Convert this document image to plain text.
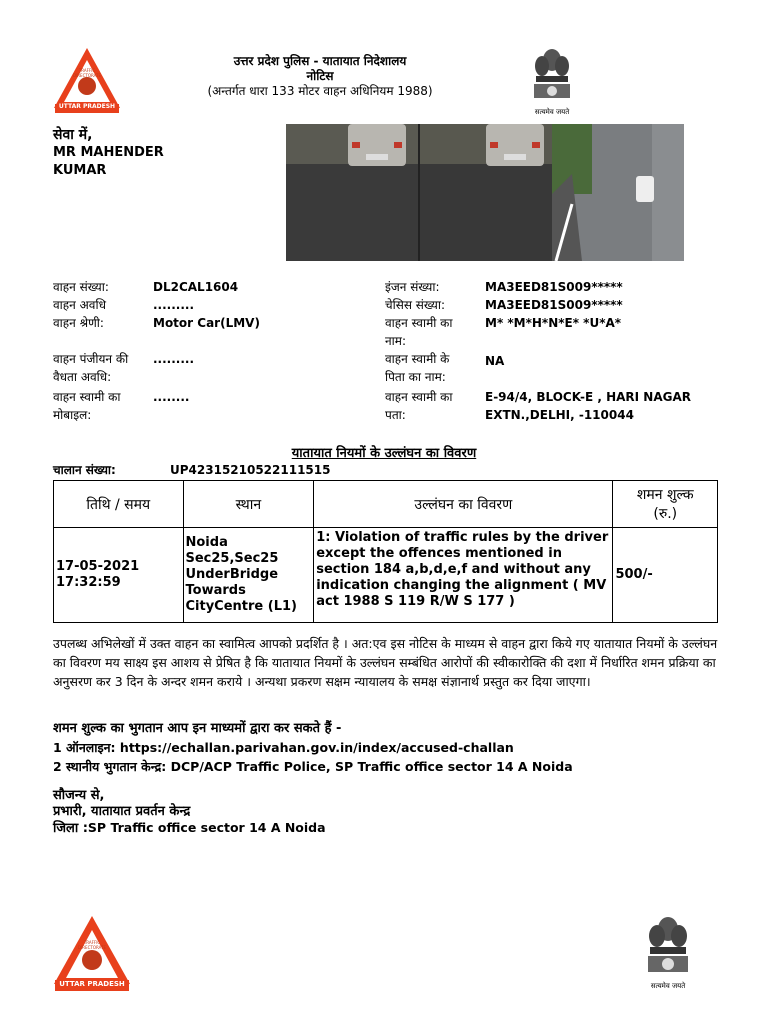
UTTAR PRADESH
TRAFFIC DIRECTORATE
उत्तर प्रदेश पुलिस - यातायात निदेशालय
नोटिस
(अन्तर्गत धारा 133 मोटर वाहन अधिनियम 1988)
सत्यमेव जयते
सेवा में,
MR MAHENDER
KUMAR
वाहन संख्या:	DL2CAL1604
वाहन अवधि	.........
वाहन श्रेणी:	Motor Car(LMV)
वाहन पंजीयन की
वैधता अवधि:
.........
वाहन स्वामी का
मोबाइल:
........
इंजन संख्या:	MA3EED81S009*****
चेसिस संख्या:	MA3EED81S009*****
वाहन स्वामी का
नाम:
M* *M*H*N*E* *U*A*
वाहन स्वामी के
पिता का नाम:
NA
वाहन स्वामी का
पता:
E-94/4, BLOCK-E , HARI NAGAR
EXTN.,DELHI, -110044
यातायात नियमों के उल्लंघन का विवरण
चालान संख्या:	UP42315210522111515
तिथि / समय	स्थान	उल्लंघन का विवरण	शमन शुल्क
(रु.)

17-05-2021
17:32:59	Noida Sec25,Sec25 UnderBridge Towards CityCentre (L1)	1: Violation of traffic rules by the driver except the offences mentioned in section 184 a,b,d,e,f and without any indication changing the alignment ( MV act 1988 S 119 R/W S 177 )	500/-
उपलब्ध अभिलेखों में उक्त वाहन का स्वामित्व आपको प्रदर्शित है । अत:एव इस नोटिस के माध्यम से वाहन द्वारा किये गए यातायात नियमों के उल्लंघन का विवरण मय साक्ष्य इस आशय से प्रेषित है कि यातायात नियमों के उल्लंघन सम्बंधित आरोपों की स्वीकारोक्ति की दशा में निर्धारित शमन प्रक्रिया का अनुसरण कर 3 दिन के अन्दर शमन कराये । अन्यथा प्रकरण सक्षम न्यायालय के समक्ष संज्ञानार्थ प्रस्तुत कर दिया जाएगा।
शमन शुल्क का भुगतान आप इन माध्यमों द्वारा कर सकते हैं -
1 ऑनलाइन: https://echallan.parivahan.gov.in/index/accused-challan
2 स्थानीय भुगतान केन्द्र: DCP/ACP Traffic Police, SP Traffic office sector 14 A Noida
सौजन्य से,
प्रभारी, यातायात प्रवर्तन केन्द्र
जिला :SP Traffic office sector 14 A Noida
UTTAR PRADESH
TRAFFIC DIRECTORATE
सत्यमेव जयते
